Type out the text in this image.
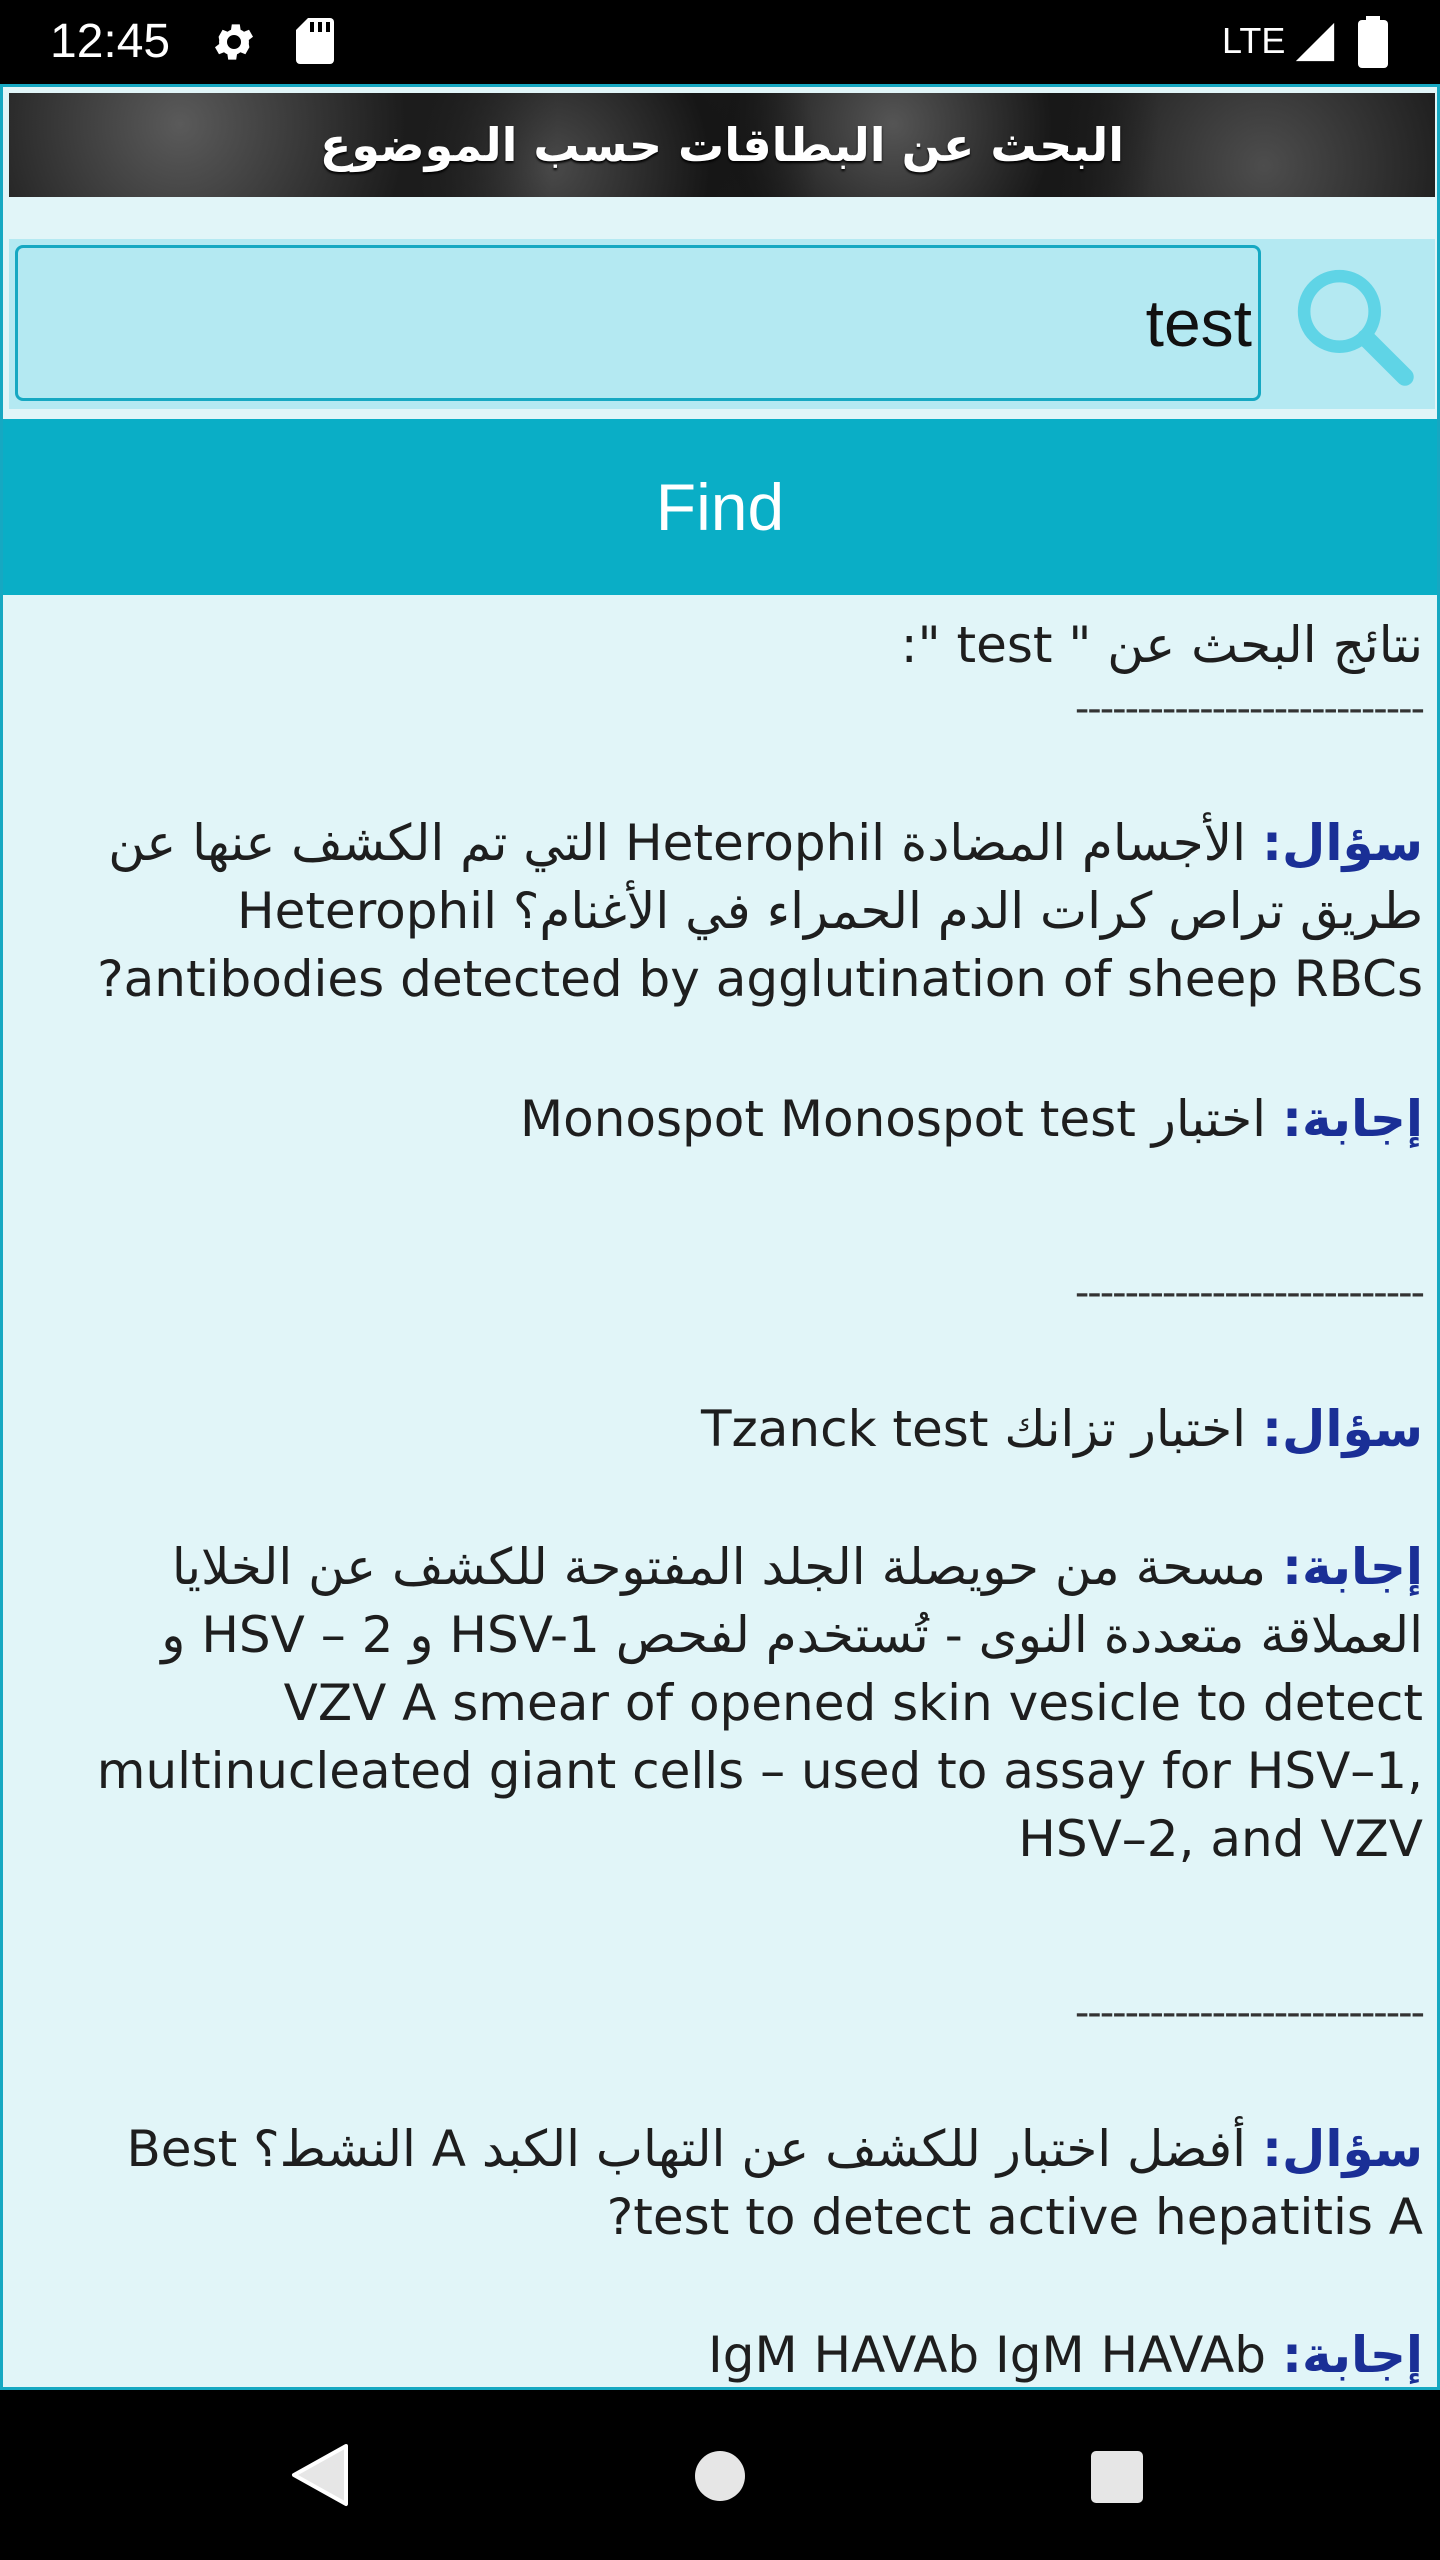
12:45	LTE
البحث عن البطاقات حسب الموضوع
test
Find
نتائج البحث عن " test ":
----------------------------
سؤال: الأجسام المضادة Heterophil التي تم الكشف عنها عن طريق تراص كرات الدم الحمراء في الأغنام؟ Heterophil antibodies detected by agglutination of sheep RBCs?
إجابة: اختبار Monospot Monospot test
----------------------------
سؤال: اختبار تزانك Tzanck test
إجابة: مسحة من حويصلة الجلد المفتوحة للكشف عن الخلايا العملاقة متعددة النوى - تُستخدم لفحص HSV-1 و HSV – 2 و VZV A smear of opened skin vesicle to detect multinucleated giant cells – used to assay for HSV–1, HSV–2, and VZV
----------------------------
سؤال: أفضل اختبار للكشف عن التهاب الكبد A النشط؟ Best test to detect active hepatitis A?
إجابة: IgM HAVAb IgM HAVAb
